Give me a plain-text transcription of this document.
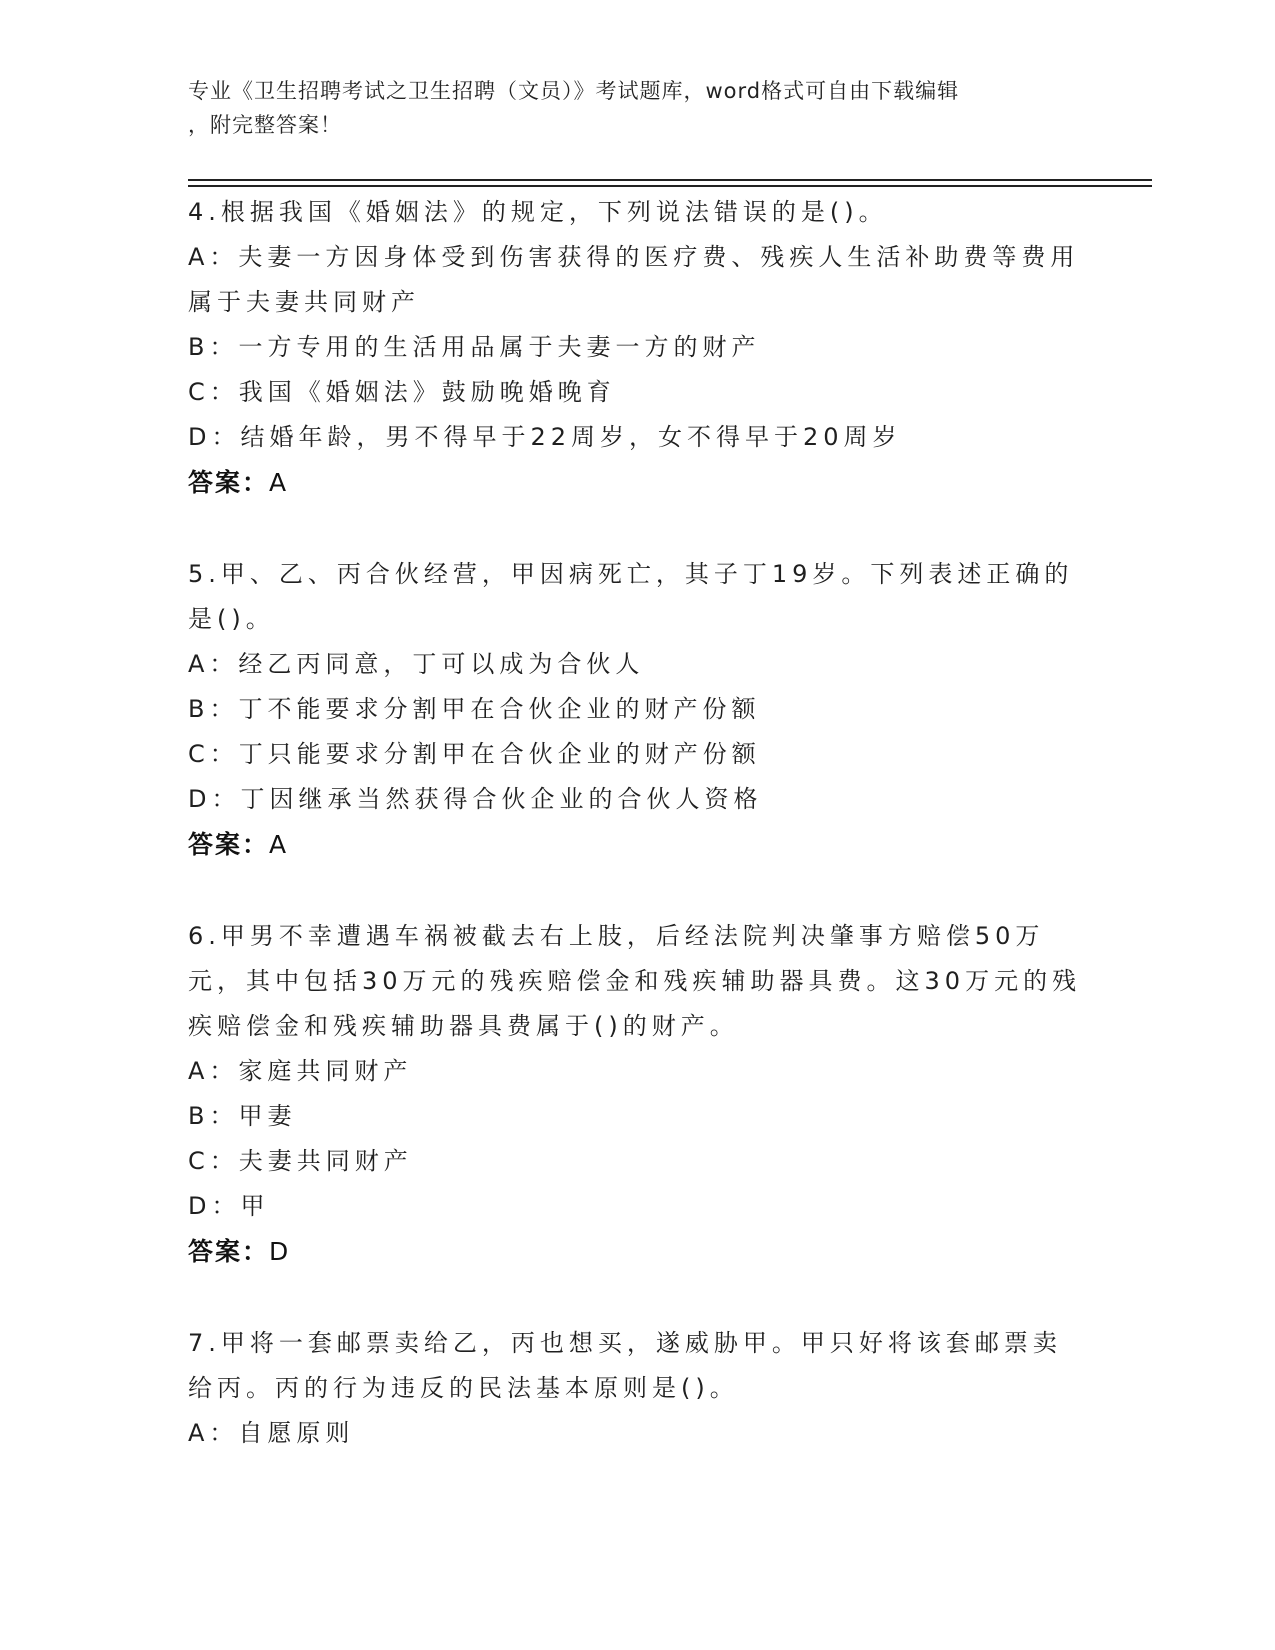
专业《卫生招聘考试之卫生招聘（文员）》考试题库，word格式可自由下载编辑
，附完整答案！

4.根据我国《婚姻法》的规定，下列说法错误的是()。

A：夫妻一方因身体受到伤害获得的医疗费、残疾人生活补助费等费用属于夫妻共同财产

B：一方专用的生活用品属于夫妻一方的财产

C：我国《婚姻法》鼓励晚婚晚育

D：结婚年龄，男不得早于22周岁，女不得早于20周岁

答案：A

5.甲、乙、丙合伙经营，甲因病死亡，其子丁19岁。下列表述正确的是()。

A：经乙丙同意，丁可以成为合伙人

B：丁不能要求分割甲在合伙企业的财产份额

C：丁只能要求分割甲在合伙企业的财产份额

D：丁因继承当然获得合伙企业的合伙人资格

答案：A

6.甲男不幸遭遇车祸被截去右上肢，后经法院判决肇事方赔偿50万元，其中包括30万元的残疾赔偿金和残疾辅助器具费。这30万元的残疾赔偿金和残疾辅助器具费属于()的财产。

A：家庭共同财产

B：甲妻

C：夫妻共同财产

D：甲

答案：D

7.甲将一套邮票卖给乙，丙也想买，遂威胁甲。甲只好将该套邮票卖给丙。丙的行为违反的民法基本原则是()。

A：自愿原则
